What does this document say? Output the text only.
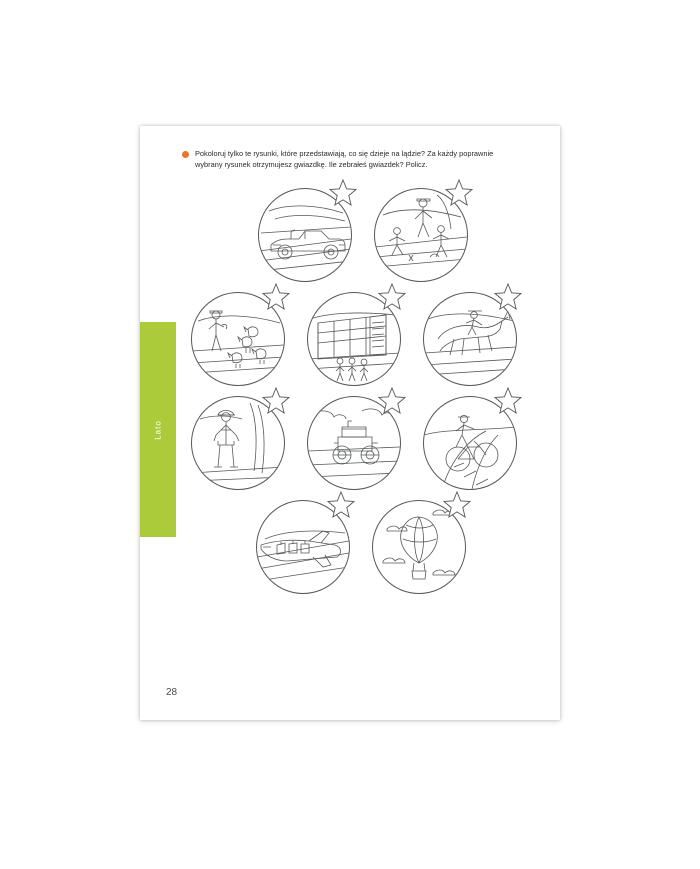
Lato
Pokoloruj tylko te rysunki, które przedstawiają, co się dzieje na lądzie? Za każdy poprawnie wybrany rysunek otrzymujesz gwiazdkę. Ile zebrałeś gwiazdek? Policz.
28
